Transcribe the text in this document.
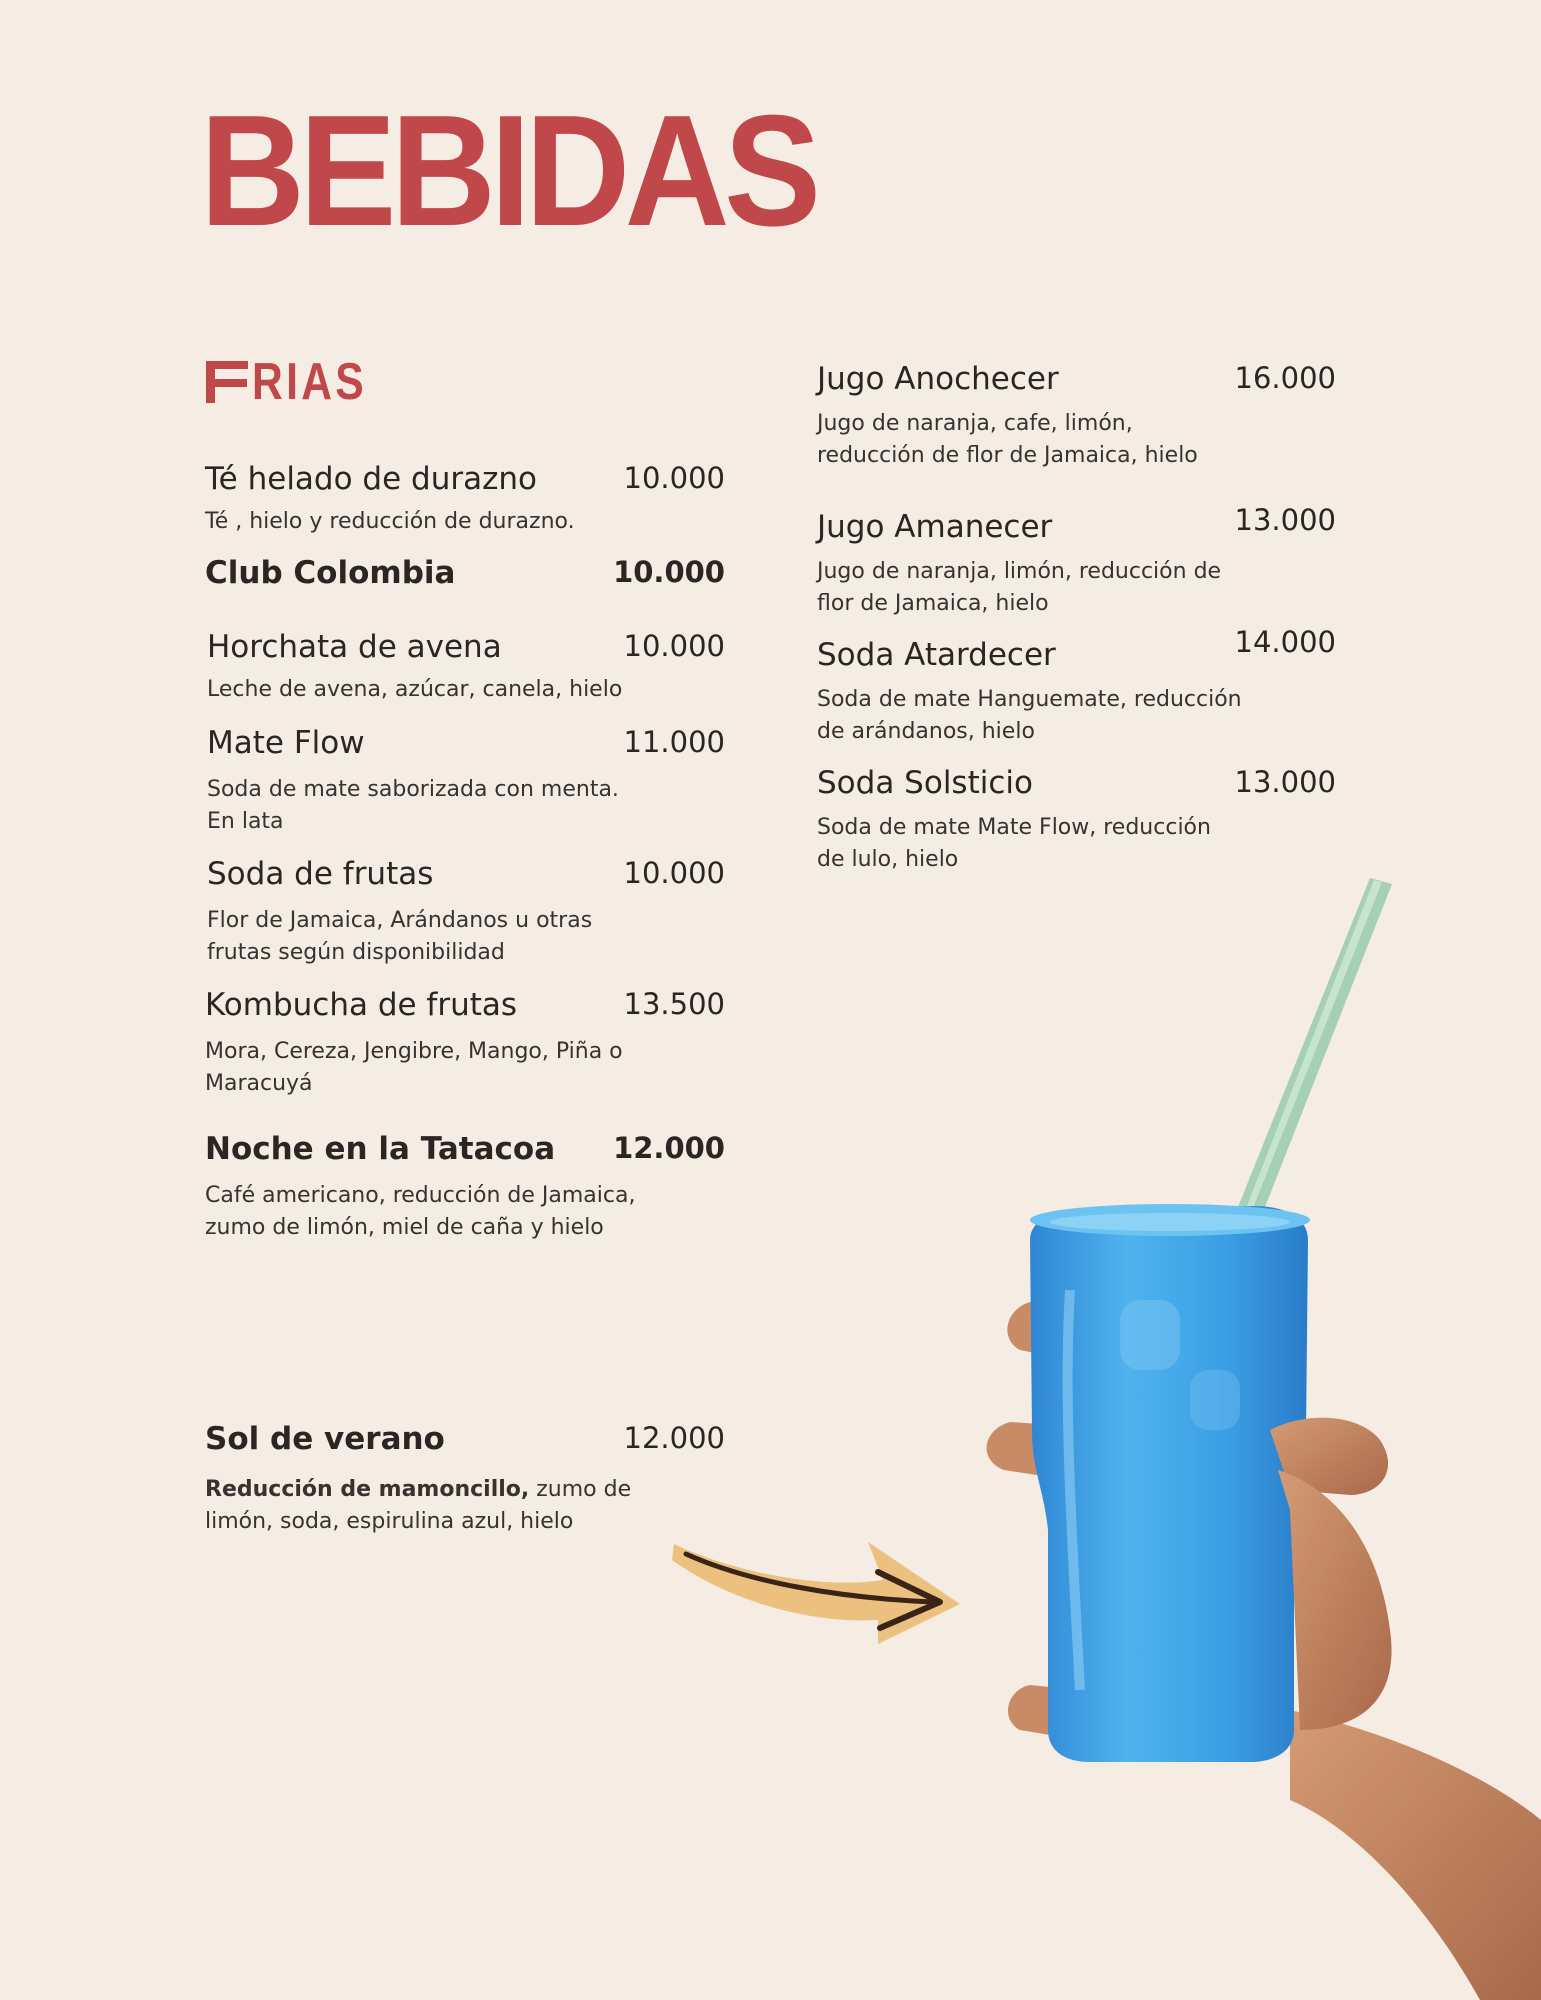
BEBIDAS
RIAS
Té helado de durazno	10.000
Té , hielo y reducción de durazno.
Club Colombia	10.000
Horchata de avena	10.000
Leche de avena, azúcar, canela, hielo
Mate Flow	11.000
Soda de mate saborizada con menta. En lata
Soda de frutas	10.000
Flor de Jamaica, Arándanos u otras frutas según disponibilidad
Kombucha de frutas	13.500
Mora, Cereza, Jengibre, Mango, Piña o Maracuyá
Noche en la Tatacoa 12.000
Café americano, reducción de Jamaica, zumo de limón, miel de caña y hielo
Sol de verano	12.000
Reducción de mamoncillo, zumo de limón, soda, espirulina azul, hielo
Jugo Anochecer	16.000
Jugo de naranja, cafe, limón, reducción de flor de Jamaica, hielo
Jugo Amanecer	13.000
Jugo de naranja, limón, reducción de flor de Jamaica, hielo
Soda Atardecer	14.000
Soda de mate Hanguemate, reducción de arándanos, hielo
Soda Solsticio	13.000
Soda de mate Mate Flow, reducción de lulo, hielo
